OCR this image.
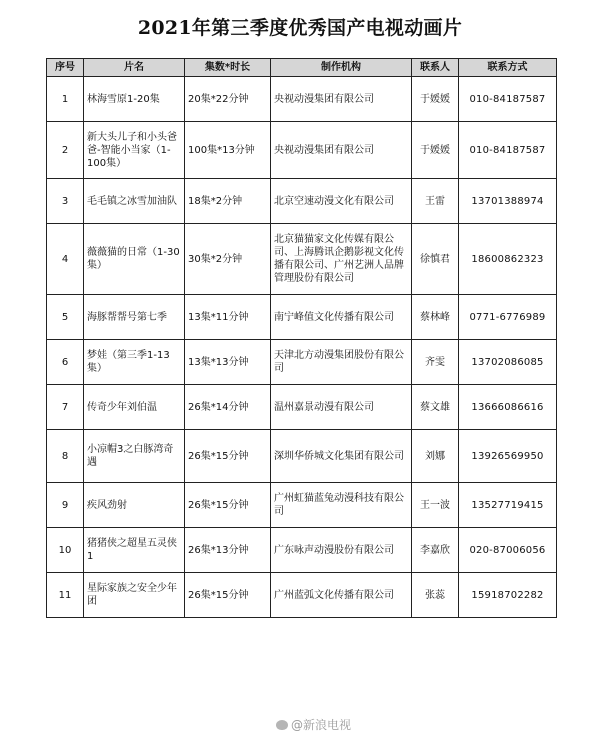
2021年第三季度优秀国产电视动画片
序号	片名	集数*时长	制作机构	联系人	联系方式
1	林海雪原1-20集	20集*22分钟	央视动漫集团有限公司	于媛媛	010-84187587
2	新大头儿子和小头爸爸-智能小当家（1-100集）	100集*13分钟	央视动漫集团有限公司	于媛媛	010-84187587
3	毛毛镇之冰雪加油队	18集*2分钟	北京空速动漫文化有限公司	王雷	13701388974
4	薇薇猫的日常（1-30集）	30集*2分钟	北京猫猫家文化传媒有限公司、上海腾讯企鹅影视文化传播有限公司、广州艺洲人品牌管理股份有限公司	徐慎君	18600862323
5	海豚帮帮号第七季	13集*11分钟	南宁峰值文化传播有限公司	蔡林峰	0771-6776989
6	梦娃（第三季1-13集）	13集*13分钟	天津北方动漫集团股份有限公司	齐雯	13702086085
7	传奇少年刘伯温	26集*14分钟	温州嘉景动漫有限公司	蔡文雄	13666086616
8	小凉帽3之白豚湾奇遇	26集*15分钟	深圳华侨城文化集团有限公司	刘娜	13926569950
9	疾风劲射	26集*15分钟	广州虹猫蓝兔动漫科技有限公司	王一波	13527719415
10	猪猪侠之超星五灵侠1	26集*13分钟	广东咏声动漫股份有限公司	李嘉欣	020-87006056
11	星际家族之安全少年团	26集*15分钟	广州蓝弧文化传播有限公司	张蕊	15918702282
@新浪电视
